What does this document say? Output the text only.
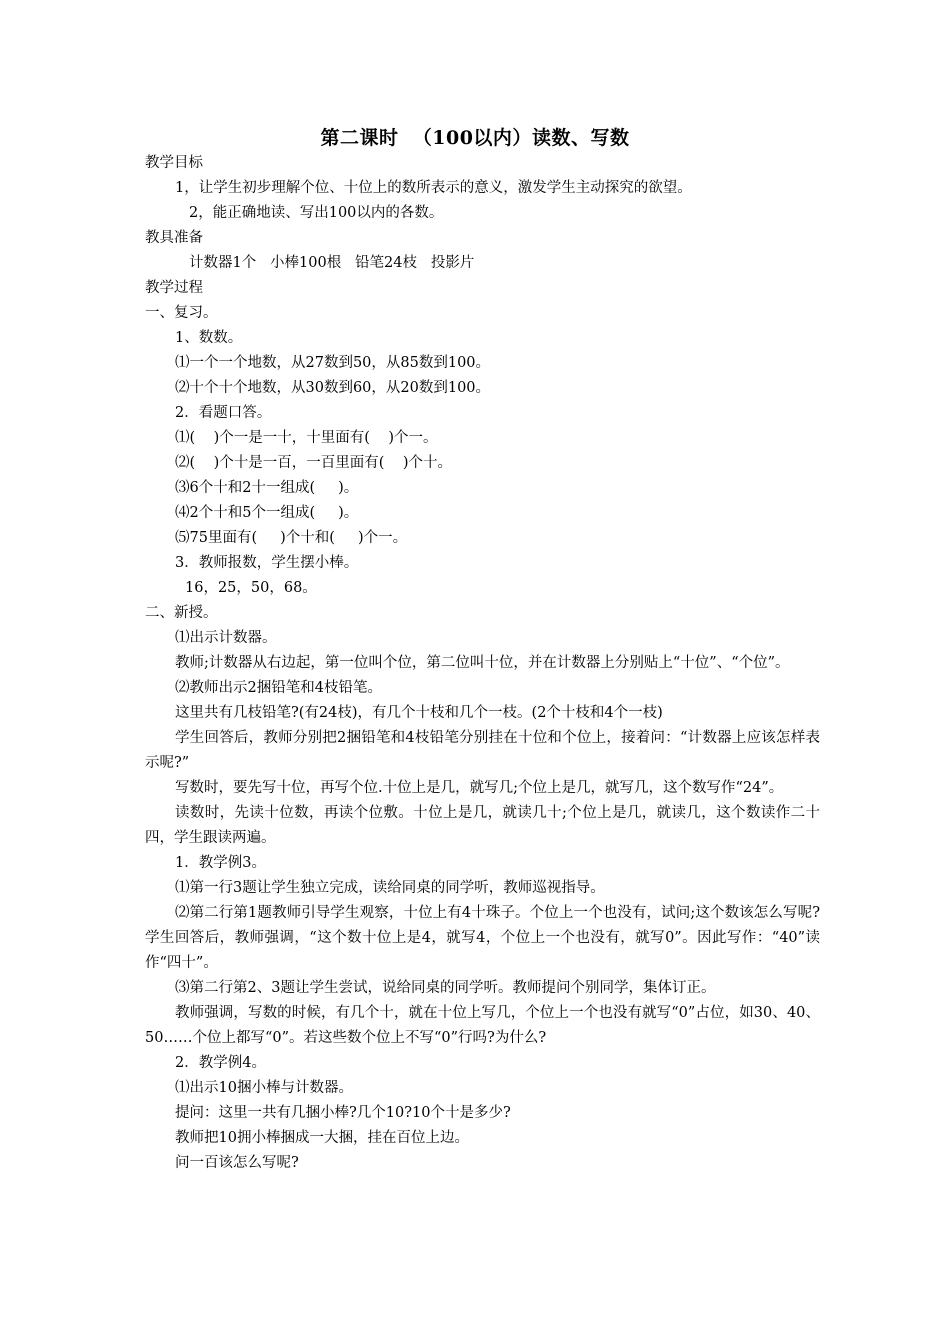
第二课时  （100以内）读数、写数
教学目标
1，让学生初步理解个位、十位上的数所表示的意义，激发学生主动探究的欲望。
2，能正确地读、写出100以内的各数。
教具准备
计数器1个   小棒100根   铅笔24枝   投影片
教学过程
一、复习。
1、数数。
⑴一个一个地数，从27数到50，从85数到100。
⑵十个十个地数，从30数到60，从20数到100。
2．看题口答。
⑴(    )个一是一十，十里面有(    )个一。
⑵(    )个十是一百，一百里面有(    )个十。
⑶6个十和2十一组成(     )。
⑷2个十和5个一组成(     )。
⑸75里面有(     )个十和(     )个一。
3．教师报数，学生摆小棒。
16，25，50，68。
二、新授。
⑴出示计数器。
教师;计数器从右边起，第一位叫个位，第二位叫十位，并在计数器上分别贴上“十位”、“个位”。
⑵教师出示2捆铅笔和4枝铅笔。
这里共有几枝铅笔?(有24枝)，有几个十枝和几个一枝。(2个十枝和4个一枝)
学生回答后，教师分别把2捆铅笔和4枝铅笔分别挂在十位和个位上，接着问：“计数器上应该怎样表示呢?”
写数时，要先写十位，再写个位.十位上是几，就写几;个位上是几，就写几，这个数写作“24”。
读数时，先读十位数，再读个位敷。十位上是几，就读几十;个位上是几，就读几，这个数读作二十四，学生跟读两遍。
1．教学例3。
⑴第一行3题让学生独立完成，读给同桌的同学听，教师巡视指导。
⑵第二行第1题教师引导学生观察，十位上有4十珠子。个位上一个也没有，试问;这个数该怎么写呢?学生回答后，教师强调，“这个数十位上是4，就写4，个位上一个也没有，就写0”。因此写作：“40”读作“四十”。
⑶第二行第2、3题让学生尝试，说给同桌的同学听。教师提问个别同学，集体订正。
教师强调，写数的时候，有几个十，就在十位上写几，个位上一个也没有就写“0”占位，如30、40、50……个位上都写“0”。若这些数个位上不写“0”行吗?为什么?
2．教学例4。
⑴出示10捆小棒与计数器。
提问：这里一共有几捆小棒?几个10?10个十是多少?
教师把10拥小棒捆成一大捆，挂在百位上边。
问一百该怎么写呢?
